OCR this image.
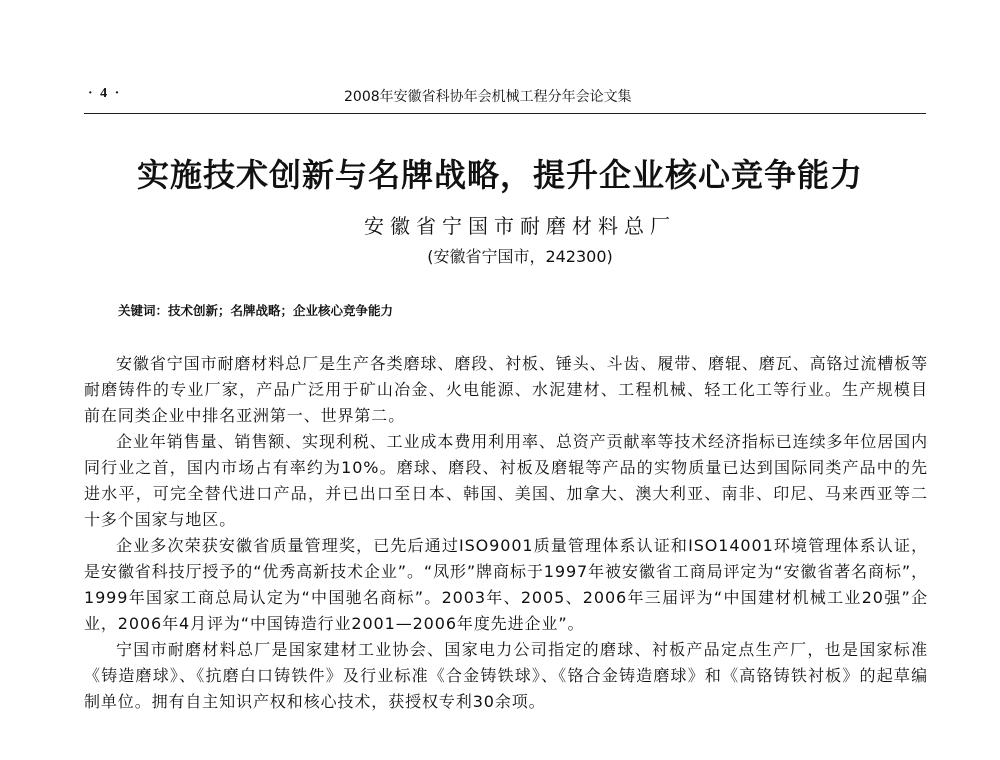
· 4 ·	2008年安徽省科协年会机械工程分年会论文集
实施技术创新与名牌战略，提升企业核心竞争能力
安徽省宁国市耐磨材料总厂
(安徽省宁国市，242300)
关键词：技术创新；名牌战略；企业核心竞争能力

安徽省宁国市耐磨材料总厂是生产各类磨球、磨段、衬板、锤头、斗齿、履带、磨辊、磨瓦、高铬过流槽板等耐磨铸件的专业厂家，产品广泛用于矿山冶金、火电能源、水泥建材、工程机械、轻工化工等行业。生产规模目前在同类企业中排名亚洲第一、世界第二。

企业年销售量、销售额、实现利税、工业成本费用利用率、总资产贡献率等技术经济指标已连续多年位居国内同行业之首，国内市场占有率约为10%。磨球、磨段、衬板及磨辊等产品的实物质量已达到国际同类产品中的先进水平，可完全替代进口产品，并已出口至日本、韩国、美国、加拿大、澳大利亚、南非、印尼、马来西亚等二十多个国家与地区。

企业多次荣获安徽省质量管理奖，已先后通过ISO9001质量管理体系认证和ISO14001环境管理体系认证，是安徽省科技厅授予的“优秀高新技术企业”。“凤形”牌商标于1997年被安徽省工商局评定为“安徽省著名商标”，1999年国家工商总局认定为“中国驰名商标”。2003年、2005、2006年三届评为“中国建材机械工业20强”企业，2006年4月评为“中国铸造行业2001—2006年度先进企业”。

宁国市耐磨材料总厂是国家建材工业协会、国家电力公司指定的磨球、衬板产品定点生产厂，也是国家标准《铸造磨球》、《抗磨白口铸铁件》及行业标准《合金铸铁球》、《铬合金铸造磨球》和《高铬铸铁衬板》的起草编制单位。拥有自主知识产权和核心技术，获授权专利30余项。
